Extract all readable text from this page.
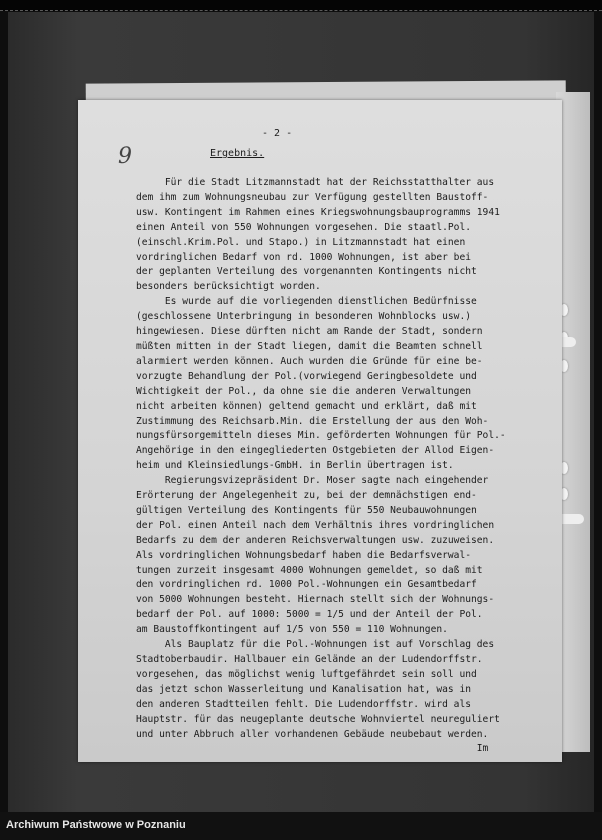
9
- 2 -
Ergebnis.
Für die Stadt Litzmannstadt hat der Reichsstatthalter aus
dem ihm zum Wohnungsneubau zur Verfügung gestellten Baustoff-
usw. Kontingent im Rahmen eines Kriegswohnungsbauprogramms 1941
einen Anteil von 550 Wohnungen vorgesehen. Die staatl.Pol.
(einschl.Krim.Pol. und Stapo.) in Litzmannstadt hat einen
vordringlichen Bedarf von rd. 1000 Wohnungen, ist aber bei
der geplanten Verteilung des vorgenannten Kontingents nicht
besonders berücksichtigt worden.
Es wurde auf die vorliegenden dienstlichen Bedürfnisse
(geschlossene Unterbringung in besonderen Wohnblocks usw.)
hingewiesen. Diese dürften nicht am Rande der Stadt, sondern
müßten mitten in der Stadt liegen, damit die Beamten schnell
alarmiert werden können. Auch wurden die Gründe für eine be-
vorzugte Behandlung der Pol.(vorwiegend Geringbesoldete und
Wichtigkeit der Pol., da ohne sie die anderen Verwaltungen
nicht arbeiten können) geltend gemacht und erklärt, daß mit
Zustimmung des Reichsarb.Min. die Erstellung der aus den Woh-
nungsfürsorgemitteln dieses Min. geförderten Wohnungen für Pol.-
Angehörige in den eingegliederten Ostgebieten der Allod Eigen-
heim und Kleinsiedlungs-GmbH. in Berlin übertragen ist.
Regierungsvizepräsident Dr. Moser sagte nach eingehender
Erörterung der Angelegenheit zu, bei der demnächstigen end-
gültigen Verteilung des Kontingents für 550 Neubauwohnungen
der Pol. einen Anteil nach dem Verhältnis ihres vordringlichen
Bedarfs zu dem der anderen Reichsverwaltungen usw. zuzuweisen.
Als vordringlichen Wohnungsbedarf haben die Bedarfsverwal-
tungen zurzeit insgesamt 4000 Wohnungen gemeldet, so daß mit
den vordringlichen rd. 1000 Pol.-Wohnungen ein Gesamtbedarf
von 5000 Wohnungen besteht. Hiernach stellt sich der Wohnungs-
bedarf der Pol. auf 1000: 5000 = 1/5 und der Anteil der Pol.
am Baustoffkontingent auf 1/5 von 550 = 110 Wohnungen.
Als Bauplatz für die Pol.-Wohnungen ist auf Vorschlag des
Stadtoberbaudir. Hallbauer ein Gelände an der Ludendorffstr.
vorgesehen, das möglichst wenig luftgefährdet sein soll und
das jetzt schon Wasserleitung und Kanalisation hat, was in
den anderen Stadtteilen fehlt. Die Ludendorffstr. wird als
Hauptstr. für das neugeplante deutsche Wohnviertel neureguliert
und unter Abbruch aller vorhandenen Gebäude neubebaut werden.
Im
Archiwum Państwowe w Poznaniu
